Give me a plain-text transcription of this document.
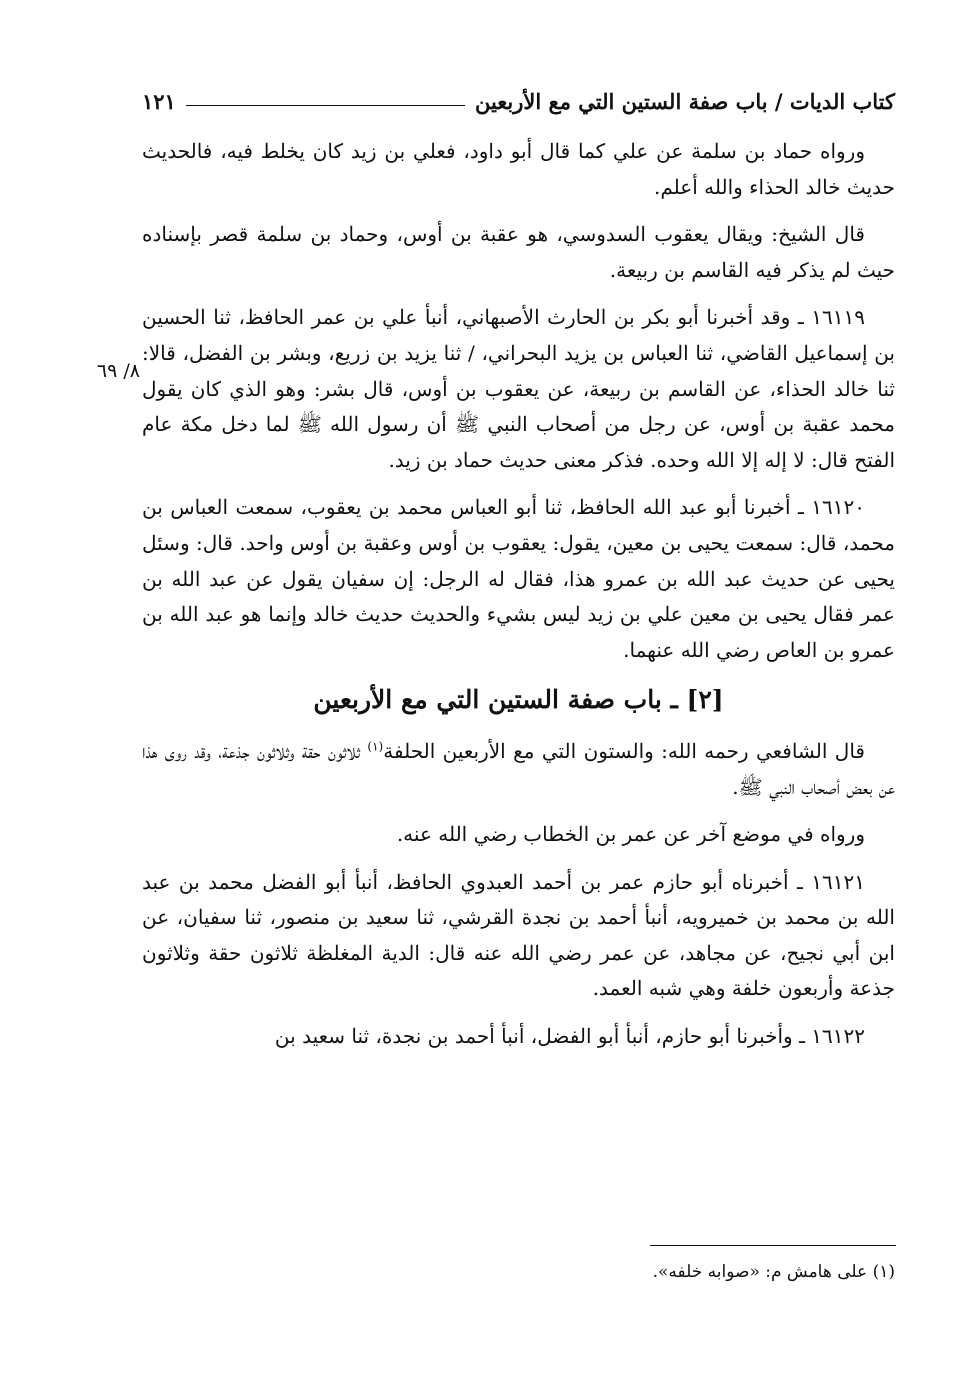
كتاب الديات / باب صفة الستين التي مع الأربعين
١٢١
٨/ ٦٩

ورواه حماد بن سلمة عن علي كما قال أبو داود، فعلي بن زيد كان يخلط فيه، فالحديث حديث خالد الحذاء والله أعلم.

قال الشيخ: ويقال يعقوب السدوسي، هو عقبة بن أوس، وحماد بن سلمة قصر بإسناده حيث لم يذكر فيه القاسم بن ربيعة.

١٦١١٩ ـ وقد أخبرنا أبو بكر بن الحارث الأصبهاني، أنبأ علي بن عمر الحافظ، ثنا الحسين بن إسماعيل القاضي، ثنا العباس بن يزيد البحراني، / ثنا يزيد بن زريع، وبشر بن الفضل، قالا: ثنا خالد الحذاء، عن القاسم بن ربيعة، عن يعقوب بن أوس، قال بشر: وهو الذي كان يقول محمد عقبة بن أوس، عن رجل من أصحاب النبي ﷺ أن رسول الله ﷺ لما دخل مكة عام الفتح قال: لا إله إلا الله وحده. فذكر معنى حديث حماد بن زيد.

١٦١٢٠ ـ أخبرنا أبو عبد الله الحافظ، ثنا أبو العباس محمد بن يعقوب، سمعت العباس بن محمد، قال: سمعت يحيى بن معين، يقول: يعقوب بن أوس وعقبة بن أوس واحد. قال: وسئل يحيى عن حديث عبد الله بن عمرو هذا، فقال له الرجل: إن سفيان يقول عن عبد الله بن عمر فقال يحيى بن معين علي بن زيد ليس بشيء والحديث حديث خالد وإنما هو عبد الله بن عمرو بن العاص رضي الله عنهما.

[٢] ـ باب صفة الستين التي مع الأربعين

قال الشافعي رحمه الله: والستون التي مع الأربعين الحلفة$^{(١)}$ ثلاثون حقة وثلاثون جذعة، وقد روى هذا عن بعض أصحاب النبي ﷺ.

ورواه في موضع آخر عن عمر بن الخطاب رضي الله عنه.

١٦١٢١ ـ أخبرناه أبو حازم عمر بن أحمد العبدوي الحافظ، أنبأ أبو الفضل محمد بن عبد الله بن محمد بن خميرويه، أنبأ أحمد بن نجدة القرشي، ثنا سعيد بن منصور، ثنا سفيان، عن ابن أبي نجيح، عن مجاهد، عن عمر رضي الله عنه قال: الدية المغلظة ثلاثون حقة وثلاثون جذعة وأربعون خلفة وهي شبه العمد.

١٦١٢٢ ـ وأخبرنا أبو حازم، أنبأ أبو الفضل، أنبأ أحمد بن نجدة، ثنا سعيد بن

(١) على هامش م: «صوابه خلفه».
